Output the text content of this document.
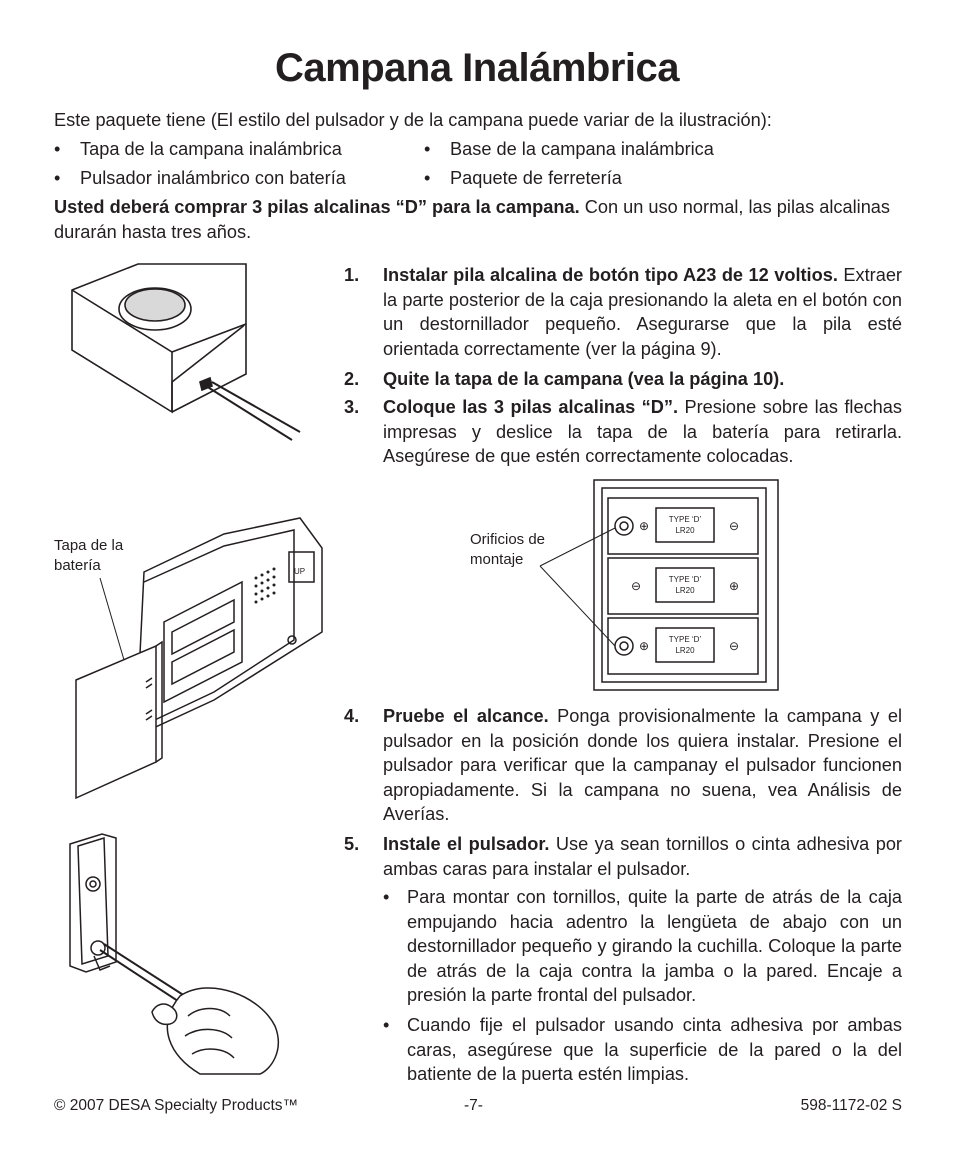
Campana Inalámbrica
Este paquete tiene (El estilo del pulsador y de la campana puede variar de la ilustración):
• Tapa de la campana inalámbrica	• Base de la campana inalámbrica
• Pulsador inalámbrico con batería	• Paquete de ferretería
Usted deberá comprar 3 pilas alcalinas “D” para la campana. Con un uso normal, las pilas alcalinas durarán hasta tres años.
1. Instalar pila alcalina de botón tipo A23 de 12 voltios. Extraer la parte posterior de la caja presionando la aleta en el botón con un destornillador pequeño. Asegurarse que la pila esté orientada correctamente (ver la página 9).
2. Quite la tapa de la campana (vea la página 10).
3. Coloque las 3 pilas alcalinas “D”. Presione sobre las flechas impresas y deslice la tapa de la batería para retirarla. Asegúrese de que estén correctamente colocadas.
4. Pruebe el alcance. Ponga provisionalmente la campana y el pulsador en la posición donde los quiera instalar. Presione el pulsador para verificar que la campanay el pulsador funcionen apropiadamente. Si la campana no suena, vea Análisis de Averías.
5. Instale el pulsador. Use ya sean tornillos o cinta adhesiva por ambas caras para instalar el pulsador.
• Para montar con tornillos, quite la parte de atrás de la caja empujando hacia adentro la lengüeta de abajo con un destornillador pequeño y girando la cuchilla. Coloque la parte de atrás de la caja contra la jamba o la pared. Encaje a presión la parte frontal del pulsador.
• Cuando fije el pulsador usando cinta adhesiva por ambas caras, asegúrese que la superficie de la pared o la del batiente de la puerta estén limpias.
UP
TYPE ‘D’
LR20
TYPE ‘D’
LR20
TYPE ‘D’
LR20
⊕	⊖
⊖	⊕
⊕	⊖
Tapa de la
batería
Orificios de
montaje
© 2007 DESA Specialty Products™	-7-	598-1172-02 S
